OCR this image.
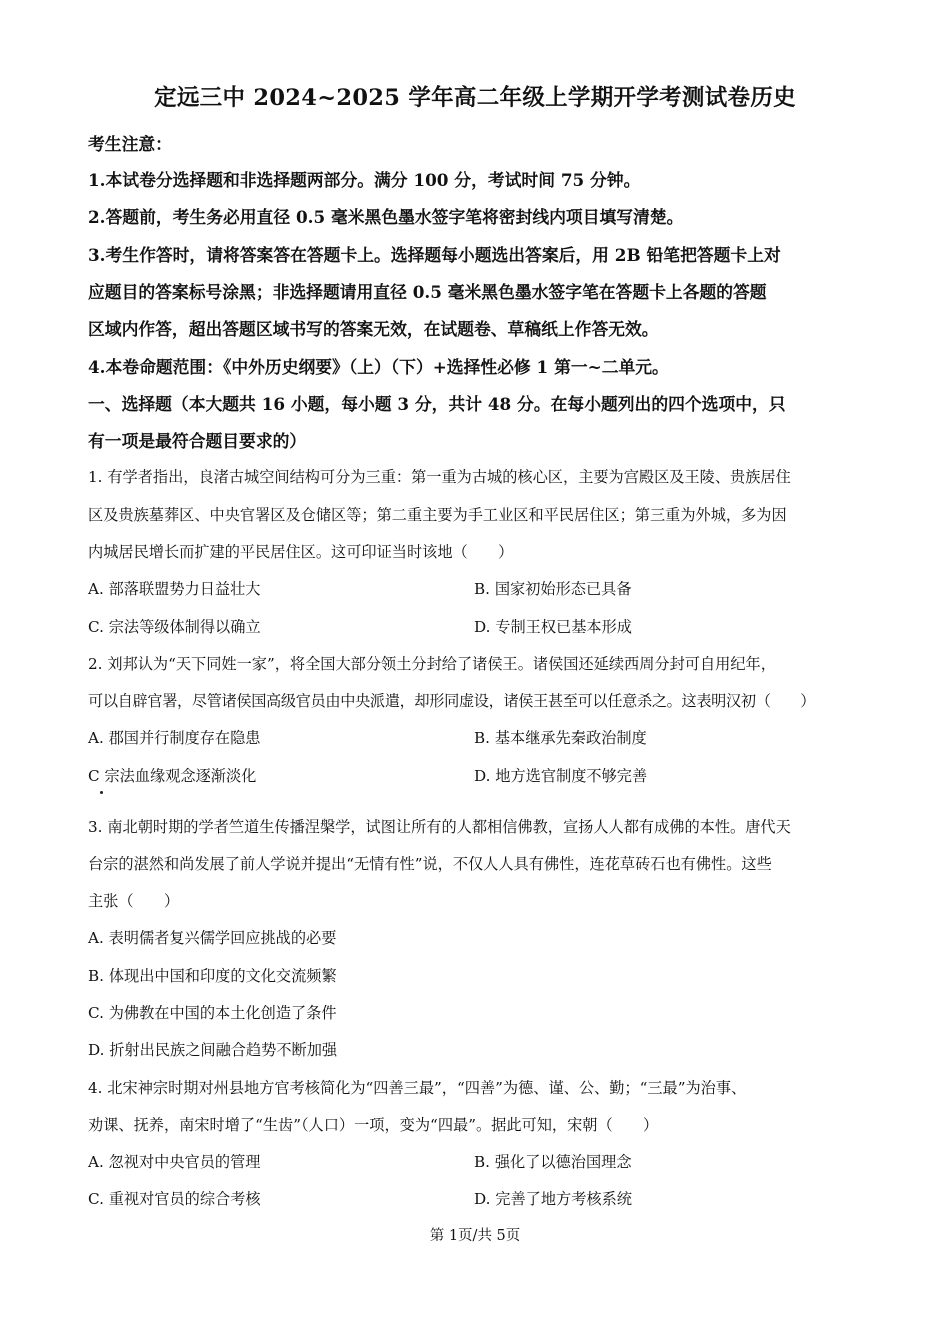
定远三中 2024~2025 学年高二年级上学期开学考测试卷历史
考生注意：
1.本试卷分选择题和非选择题两部分。满分 100 分，考试时间 75 分钟。
2.答题前，考生务必用直径 0.5 毫米黑色墨水签字笔将密封线内项目填写清楚。
3.考生作答时，请将答案答在答题卡上。选择题每小题选出答案后，用 2B 铅笔把答题卡上对
应题目的答案标号涂黑；非选择题请用直径 0.5 毫米黑色墨水签字笔在答题卡上各题的答题
区域内作答，超出答题区域书写的答案无效，在试题卷、草稿纸上作答无效。
4.本卷命题范围：《中外历史纲要》（上）（下）+选择性必修 1 第一~二单元。
一、选择题（本大题共 16 小题，每小题 3 分，共计 48 分。在每小题列出的四个选项中，只
有一项是最符合题目要求的）
1. 有学者指出，良渚古城空间结构可分为三重：第一重为古城的核心区，主要为宫殿区及王陵、贵族居住
区及贵族墓葬区、中央官署区及仓储区等；第二重主要为手工业区和平民居住区；第三重为外城，多为因
内城居民增长而扩建的平民居住区。这可印证当时该地（　　）
A. 部落联盟势力日益壮大	B. 国家初始形态已具备
C. 宗法等级体制得以确立	D. 专制王权已基本形成
2. 刘邦认为“天下同姓一家”，将全国大部分领土分封给了诸侯王。诸侯国还延续西周分封可自用纪年，
可以自辟官署，尽管诸侯国高级官员由中央派遣，却形同虚设，诸侯王甚至可以任意杀之。这表明汉初（　　）
A. 郡国并行制度存在隐患	B. 基本继承先秦政治制度
C 宗法血缘观念逐渐淡化	D. 地方选官制度不够完善
3. 南北朝时期的学者竺道生传播涅槃学，试图让所有的人都相信佛教，宣扬人人都有成佛的本性。唐代天
台宗的湛然和尚发展了前人学说并提出“无情有性”说，不仅人人具有佛性，连花草砖石也有佛性。这些
主张（　　）
A. 表明儒者复兴儒学回应挑战的必要
B. 体现出中国和印度的文化交流频繁
C. 为佛教在中国的本土化创造了条件
D. 折射出民族之间融合趋势不断加强
4. 北宋神宗时期对州县地方官考核简化为“四善三最”，“四善”为德、谨、公、勤；“三最”为治事、
劝课、抚养，南宋时增了“生齿”（人口）一项，变为“四最”。据此可知，宋朝（　　）
A. 忽视对中央官员的管理	B. 强化了以德治国理念
C. 重视对官员的综合考核	D. 完善了地方考核系统
第 1页/共 5页
